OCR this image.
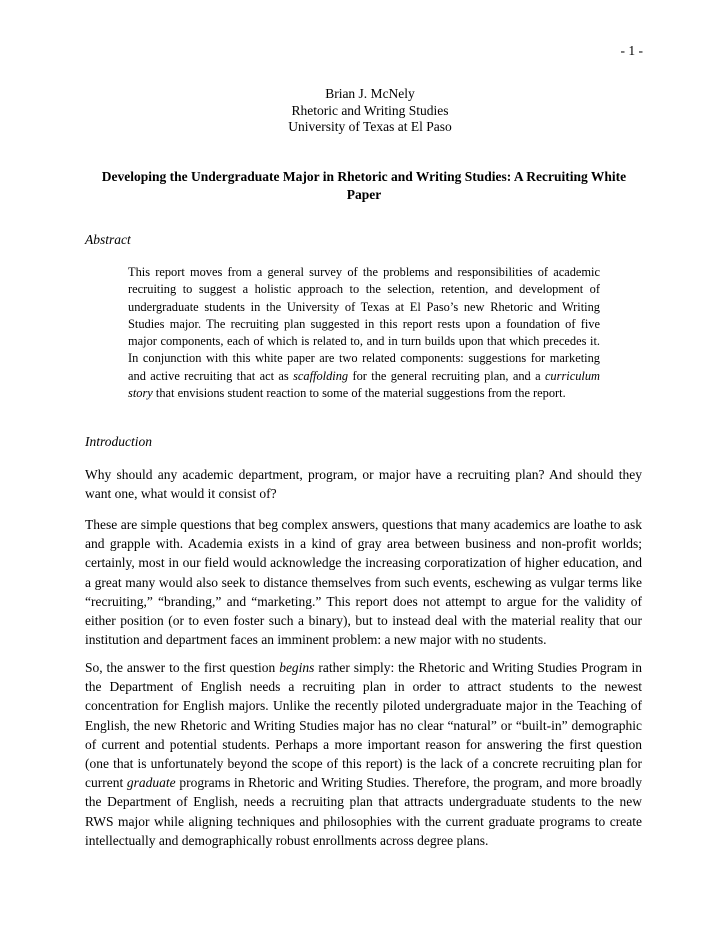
- 1 -
Brian J. McNely
Rhetoric and Writing Studies
University of Texas at El Paso
Developing the Undergraduate Major in Rhetoric and Writing Studies: A Recruiting White Paper
Abstract

This report moves from a general survey of the problems and responsibilities of academic recruiting to suggest a holistic approach to the selection, retention, and development of undergraduate students in the University of Texas at El Paso’s new Rhetoric and Writing Studies major. The recruiting plan suggested in this report rests upon a foundation of five major components, each of which is related to, and in turn builds upon that which precedes it. In conjunction with this white paper are two related components: suggestions for marketing and active recruiting that act as scaffolding for the general recruiting plan, and a curriculum story that envisions student reaction to some of the material suggestions from the report.

Introduction

Why should any academic department, program, or major have a recruiting plan? And should they want one, what would it consist of?

These are simple questions that beg complex answers, questions that many academics are loathe to ask and grapple with. Academia exists in a kind of gray area between business and non-profit worlds; certainly, most in our field would acknowledge the increasing corporatization of higher education, and a great many would also seek to distance themselves from such events, eschewing as vulgar terms like “recruiting,” “branding,” and “marketing.” This report does not attempt to argue for the validity of either position (or to even foster such a binary), but to instead deal with the material reality that our institution and department faces an imminent problem: a new major with no students.

So, the answer to the first question begins rather simply: the Rhetoric and Writing Studies Program in the Department of English needs a recruiting plan in order to attract students to the newest concentration for English majors. Unlike the recently piloted undergraduate major in the Teaching of English, the new Rhetoric and Writing Studies major has no clear “natural” or “built-in” demographic of current and potential students. Perhaps a more important reason for answering the first question (one that is unfortunately beyond the scope of this report) is the lack of a concrete recruiting plan for current graduate programs in Rhetoric and Writing Studies. Therefore, the program, and more broadly the Department of English, needs a recruiting plan that attracts undergraduate students to the new RWS major while aligning techniques and philosophies with the current graduate programs to create intellectually and demographically robust enrollments across degree plans.
